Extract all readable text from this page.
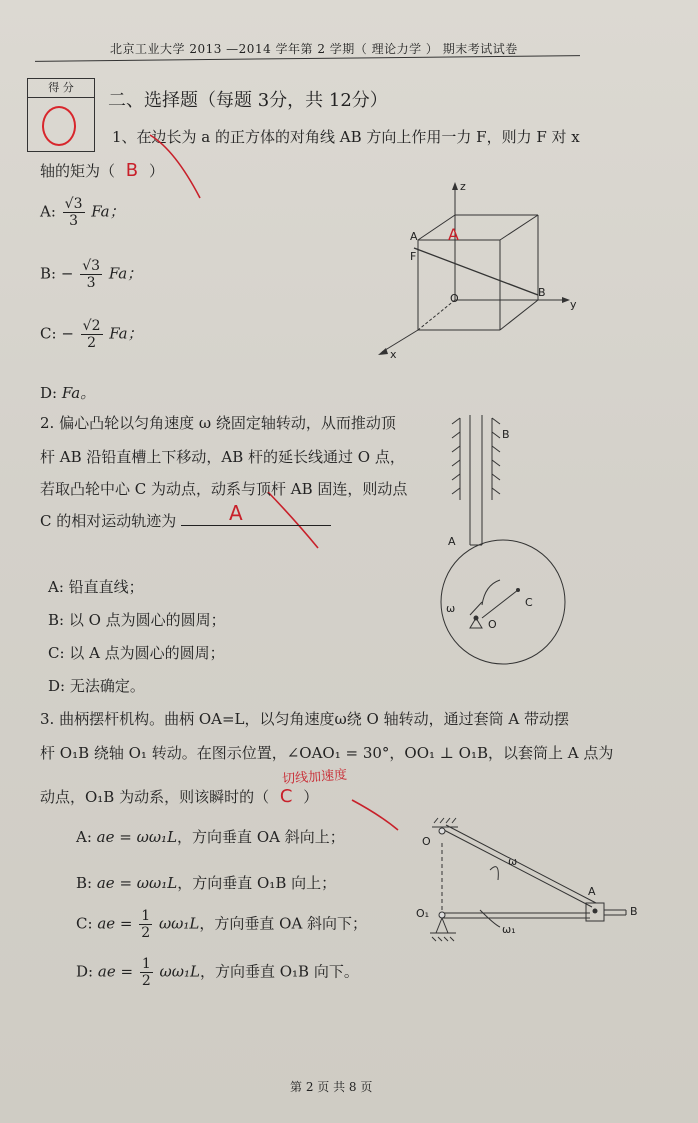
北京工业大学 2013 —2014 学年第 2 学期（ 理论力学 ） 期末考试试卷
得 分
二、选择题（每题 3分，共 12分）
1、在边长为 a 的正方体的对角线 AB 方向上作用一力 F，则力 F 对 x
轴的矩为（ B ）
A: $\frac{√3}{3}$ Fa；
B: − $\frac{√3}{3}$ Fa；
C: − $\frac{√2}{2}$ Fa；
D: Fa。
z
y
x
A
F
O	B
A
2. 偏心凸轮以匀角速度 ω 绕固定轴转动，从而推动顶
杆 AB 沿铅直槽上下移动，AB 杆的延长线通过 O 点，
若取凸轮中心 C 为动点，动系与顶杆 AB 固连，则动点
C 的相对运动轨迹为	A
A: 铅直直线；
B: 以 O 点为圆心的圆周；
C: 以 A 点为圆心的圆周；
D: 无法确定。
B
A
C
O
ω
3. 曲柄摆杆机构。曲柄 OA=L，以匀角速度ω绕 O 轴转动，通过套筒 A 带动摆
杆 O₁B 绕轴 O₁ 转动。在图示位置，∠OAO₁ = 30°，OO₁ ⊥ O₁B，以套筒上 A 点为
切线加速度
动点，O₁B 为动系，则该瞬时的（ C ）
A: ae = ωω₁L，方向垂直 OA 斜向上；
B: ae = ωω₁L，方向垂直 O₁B 向上；
C: ae = $\frac{1}{2} \omega\omega_1L$，方向垂直 OA 斜向下；
D: ae = $\frac{1}{2} \omega\omega_1L$，方向垂直 O₁B 向下。
O
O₁
A
B
ω
ω₁
第 2 页 共 8 页
